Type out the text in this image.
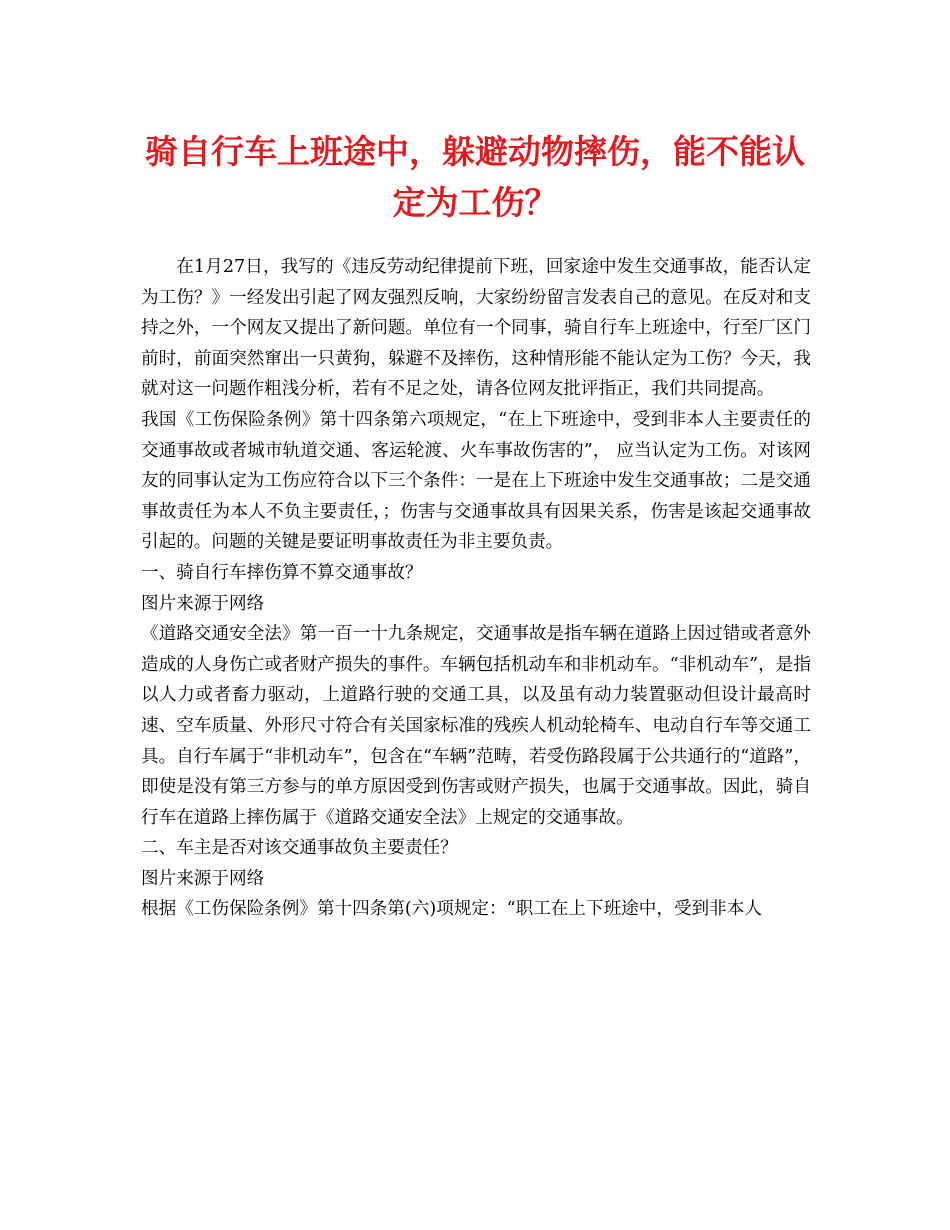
骑自行车上班途中，躲避动物摔伤，能不能认定为工伤？

在1月27日，我写的《违反劳动纪律提前下班，回家途中发生交通事故，能否认定为工伤？》一经发出引起了网友强烈反响，大家纷纷留言发表自己的意见。在反对和支持之外，一个网友又提出了新问题。单位有一个同事，骑自行车上班途中，行至厂区门前时，前面突然窜出一只黄狗，躲避不及摔伤，这种情形能不能认定为工伤？今天，我就对这一问题作粗浅分析，若有不足之处，请各位网友批评指正，我们共同提高。

我国《工伤保险条例》第十四条第六项规定，“在上下班途中，受到非本人主要责任的交通事故或者城市轨道交通、客运轮渡、火车事故伤害的”， 应当认定为工伤。对该网友的同事认定为工伤应符合以下三个条件：一是在上下班途中发生交通事故；二是交通事故责任为本人不负主要责任，；伤害与交通事故具有因果关系，伤害是该起交通事故引起的。问题的关键是要证明事故责任为非主要负责。

一、骑自行车摔伤算不算交通事故？

图片来源于网络

《道路交通安全法》第一百一十九条规定，交通事故是指车辆在道路上因过错或者意外造成的人身伤亡或者财产损失的事件。车辆包括机动车和非机动车。“非机动车”，是指以人力或者畜力驱动，上道路行驶的交通工具，以及虽有动力装置驱动但设计最高时速、空车质量、外形尺寸符合有关国家标准的残疾人机动轮椅车、电动自行车等交通工具。自行车属于“非机动车”，包含在“车辆”范畴，若受伤路段属于公共通行的“道路”，即使是没有第三方参与的单方原因受到伤害或财产损失，也属于交通事故。因此，骑自行车在道路上摔伤属于《道路交通安全法》上规定的交通事故。

二、车主是否对该交通事故负主要责任？

图片来源于网络

根据《工伤保险条例》第十四条第(六)项规定：“职工在上下班途中，受到非本人
